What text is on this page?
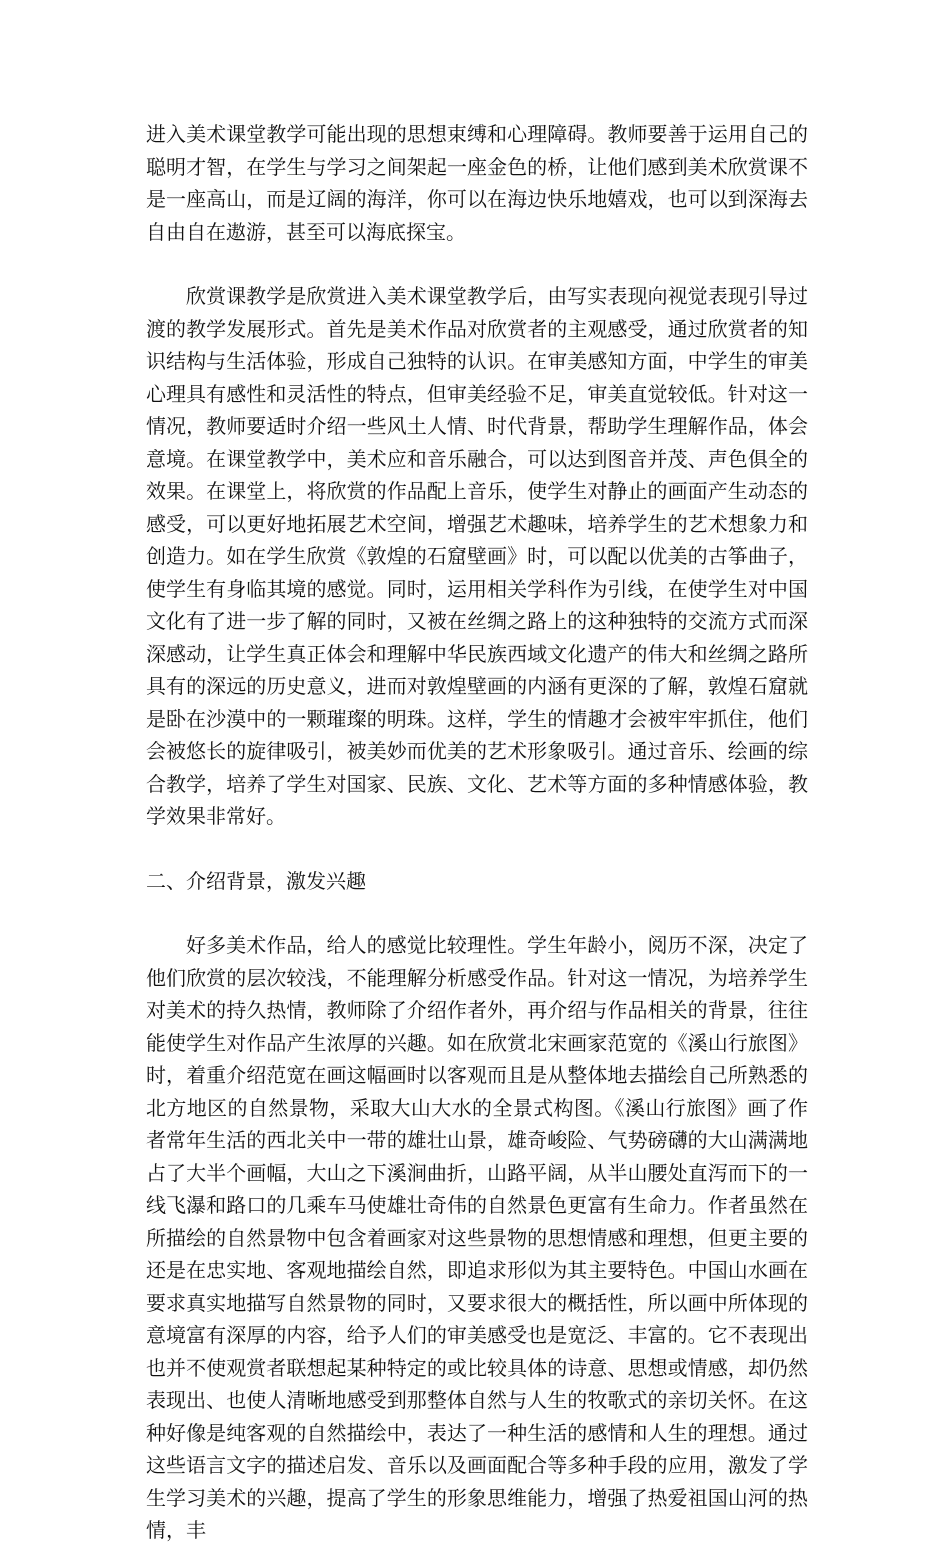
进入美术课堂教学可能出现的思想束缚和心理障碍。教师要善于运用自己的聪明才智，在学生与学习之间架起一座金色的桥，让他们感到美术欣赏课不是一座高山，而是辽阔的海洋，你可以在海边快乐地嬉戏，也可以到深海去自由自在遨游，甚至可以海底探宝。

欣赏课教学是欣赏进入美术课堂教学后，由写实表现向视觉表现引导过渡的教学发展形式。首先是美术作品对欣赏者的主观感受，通过欣赏者的知识结构与生活体验，形成自己独特的认识。在审美感知方面，中学生的审美心理具有感性和灵活性的特点，但审美经验不足，审美直觉较低。针对这一情况，教师要适时介绍一些风土人情、时代背景，帮助学生理解作品，体会意境。在课堂教学中，美术应和音乐融合，可以达到图音并茂、声色俱全的效果。在课堂上，将欣赏的作品配上音乐，使学生对静止的画面产生动态的感受，可以更好地拓展艺术空间，增强艺术趣味，培养学生的艺术想象力和创造力。如在学生欣赏《敦煌的石窟壁画》时，可以配以优美的古筝曲子，使学生有身临其境的感觉。同时，运用相关学科作为引线，在使学生对中国文化有了进一步了解的同时，又被在丝绸之路上的这种独特的交流方式而深深感动，让学生真正体会和理解中华民族西域文化遗产的伟大和丝绸之路所具有的深远的历史意义，进而对敦煌壁画的内涵有更深的了解，敦煌石窟就是卧在沙漠中的一颗璀璨的明珠。这样，学生的情趣才会被牢牢抓住，他们会被悠长的旋律吸引，被美妙而优美的艺术形象吸引。通过音乐、绘画的综合教学，培养了学生对国家、民族、文化、艺术等方面的多种情感体验，教学效果非常好。

二、介绍背景，激发兴趣

好多美术作品，给人的感觉比较理性。学生年龄小，阅历不深，决定了他们欣赏的层次较浅，不能理解分析感受作品。针对这一情况，为培养学生对美术的持久热情，教师除了介绍作者外，再介绍与作品相关的背景，往往能使学生对作品产生浓厚的兴趣。如在欣赏北宋画家范宽的《溪山行旅图》时，着重介绍范宽在画这幅画时以客观而且是从整体地去描绘自己所熟悉的北方地区的自然景物，采取大山大水的全景式构图。《溪山行旅图》画了作者常年生活的西北关中一带的雄壮山景，雄奇峻险、气势磅礴的大山满满地占了大半个画幅，大山之下溪涧曲折，山路平阔，从半山腰处直泻而下的一线飞瀑和路口的几乘车马使雄壮奇伟的自然景色更富有生命力。作者虽然在所描绘的自然景物中包含着画家对这些景物的思想情感和理想，但更主要的还是在忠实地、客观地描绘自然，即追求形似为其主要特色。中国山水画在要求真实地描写自然景物的同时，又要求很大的概括性，所以画中所体现的意境富有深厚的内容，给予人们的审美感受也是宽泛、丰富的。它不表现出也并不使观赏者联想起某种特定的或比较具体的诗意、思想或情感，却仍然表现出、也使人清晰地感受到那整体自然与人生的牧歌式的亲切关怀。在这种好像是纯客观的自然描绘中，表达了一种生活的感情和人生的理想。通过这些语言文字的描述启发、音乐以及画面配合等多种手段的应用，激发了学生学习美术的兴趣，提高了学生的形象思维能力，增强了热爱祖国山河的热情，丰
